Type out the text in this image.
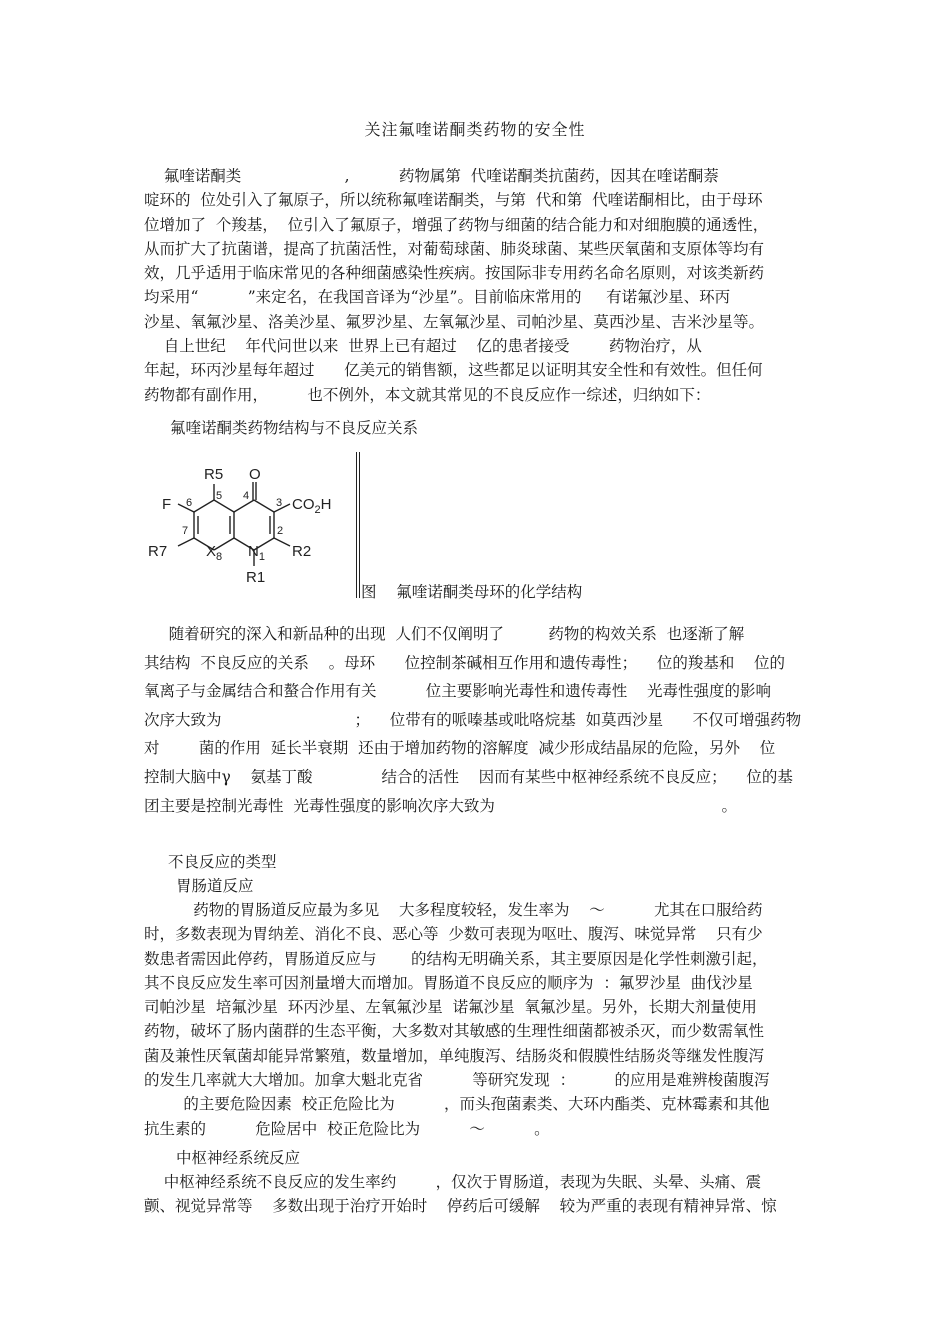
关注氟喹诺酮类药物的安全性

氟喹诺酮类                     ,          药物属第  代喹诺酮类抗菌药，因其在喹诺酮萘

啶环的  位处引入了氟原子，所以统称氟喹诺酮类，与第  代和第  代喹诺酮相比，由于母环

位增加了  个羧基，  位引入了氟原子，增强了药物与细菌的结合能力和对细胞膜的通透性，

从而扩大了抗菌谱，提高了抗菌活性，对葡萄球菌、肺炎球菌、某些厌氧菌和支原体等均有

效，几乎适用于临床常见的各种细菌感染性疾病。按国际非专用药名命名原则，对该类新药

均采用“          ”来定名，在我国音译为“沙星”。目前临床常用的     有诺氟沙星、环丙

沙星、氧氟沙星、洛美沙星、氟罗沙星、左氧氟沙星、司帕沙星、莫西沙星、吉米沙星等。

自上世纪    年代问世以来  世界上已有超过    亿的患者接受        药物治疗，从

年起，环丙沙星每年超过      亿美元的销售额，这些都足以证明其安全性和有效性。但任何

药物都有副作用，        也不例外，本文就其常见的不良反应作一综述，归纳如下：

氟喹诺酮类药物结构与不良反应关系
R5 O
F	$CO_2H$
R7	$X_8$ $N_1$ R2
R1
5 4
3
6
7	2
图    氟喹诺酮类母环的化学结构

随着研究的深入和新品种的出现  人们不仅阐明了         药物的构效关系  也逐渐了解

其结构  不良反应的关系    。母环      位控制茶碱相互作用和遗传毒性；    位的羧基和    位的

氧离子与金属结合和螯合作用有关          位主要影响光毒性和遗传毒性    光毒性强度的影响

次序大致为                           ；    位带有的哌嗪基或吡咯烷基  如莫西沙星      不仅可增强药物

对        菌的作用  延长半衰期  还由于增加药物的溶解度  减少形成结晶尿的危险，另外    位

控制大脑中γ    氨基丁酸              结合的活性    因而有某些中枢神经系统不良反应；    位的基

团主要是控制光毒性  光毒性强度的影响次序大致为                                              。

不良反应的类型
胃肠道反应

药物的胃肠道反应最为多见    大多程度较轻，发生率为    ～          尤其在口服给药

时，多数表现为胃纳差、消化不良、恶心等  少数可表现为呕吐、腹泻、味觉异常    只有少

数患者需因此停药，胃肠道反应与       的结构无明确关系，其主要原因是化学性刺激引起，

其不良反应发生率可因剂量增大而增加。胃肠道不良反应的顺序为  ：氟罗沙星  曲伐沙星

司帕沙星  培氟沙星  环丙沙星、左氧氟沙星  诺氟沙星  氧氟沙星。另外，长期大剂量使用

药物，破坏了肠内菌群的生态平衡，大多数对其敏感的生理性细菌都被杀灭，而少数需氧性

菌及兼性厌氧菌却能异常繁殖，数量增加，单纯腹泻、结肠炎和假膜性结肠炎等继发性腹泻

的发生几率就大大增加。加拿大魁北克省          等研究发现  ：        的应用是难辨梭菌腹泻

的主要危险因素  校正危险比为          ，而头孢菌素类、大环内酯类、克林霉素和其他

抗生素的          危险居中  校正危险比为          ～          。

中枢神经系统反应

中枢神经系统不良反应的发生率约        ，仅次于胃肠道，表现为失眠、头晕、头痛、震

颤、视觉异常等    多数出现于治疗开始时    停药后可缓解    较为严重的表现有精神异常、惊
